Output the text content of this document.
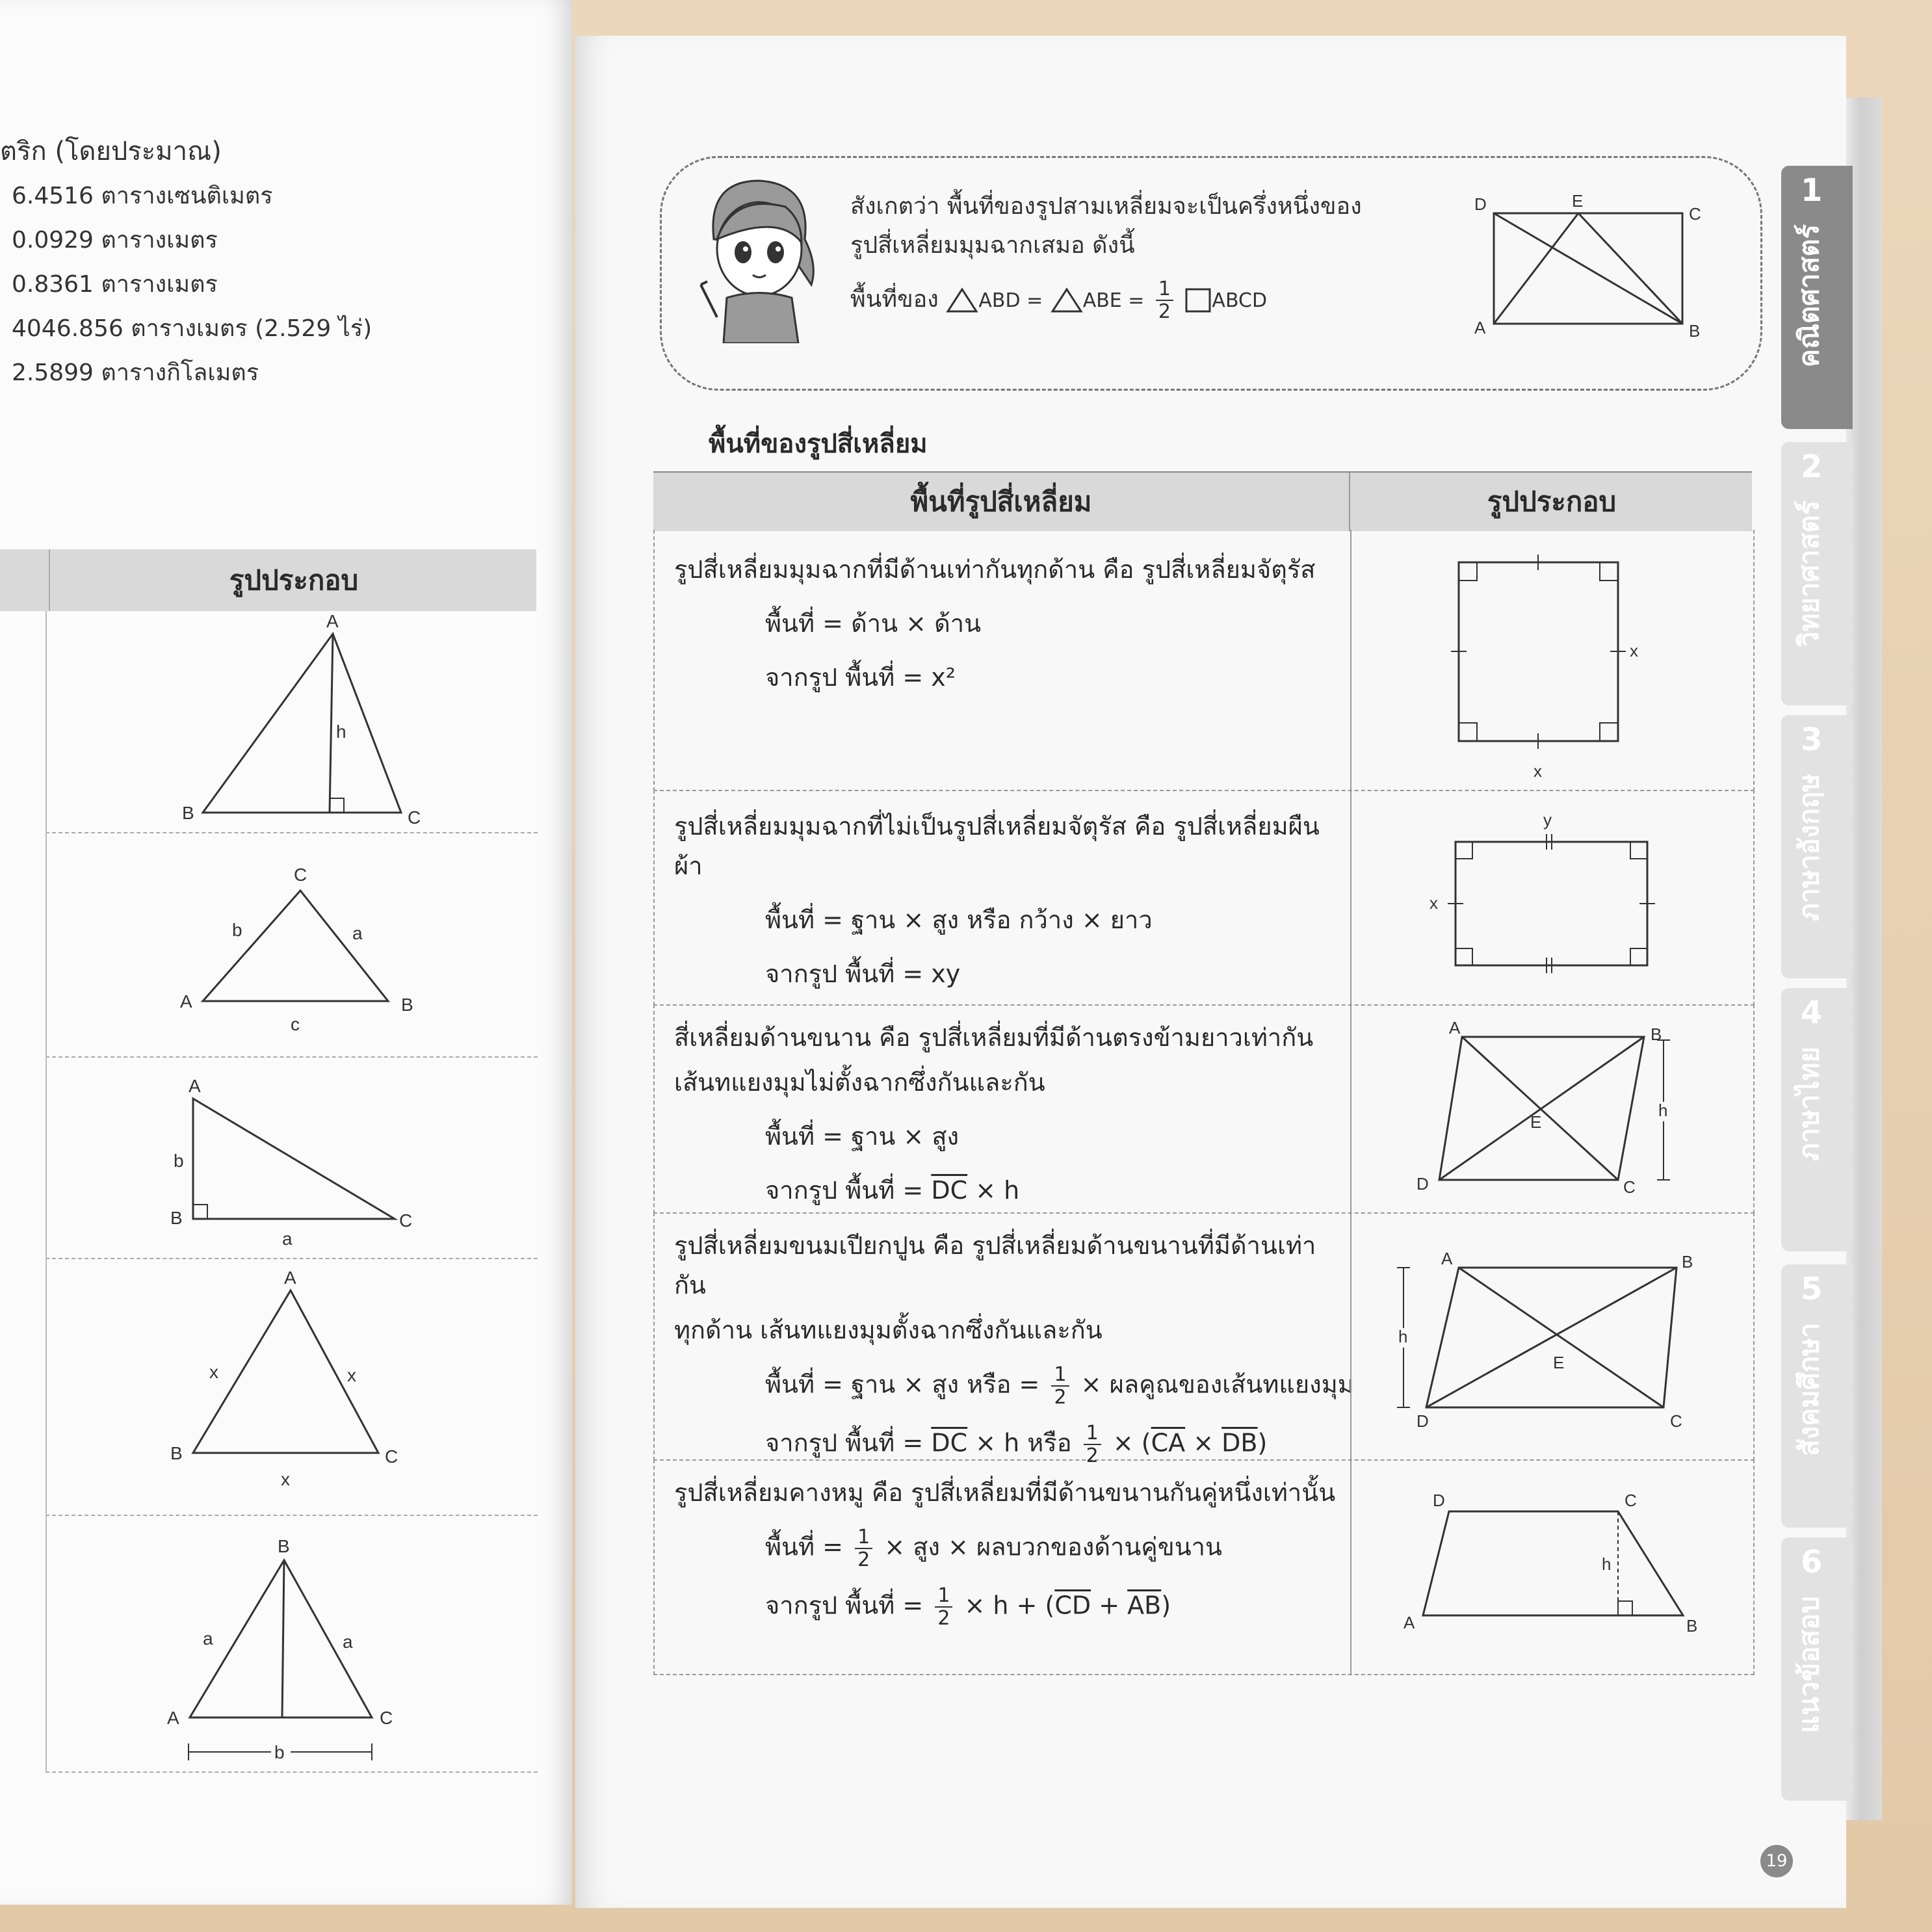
ตริก (โดยประมาณ)
6.4516 ตารางเซนติเมตร
0.0929 ตารางเมตร
0.8361 ตารางเมตร
4046.856 ตารางเมตร (2.529 ไร่)
2.5899 ตารางกิโลเมตร
รูปประกอบ
A
B	C
h
C
A	B
b	a
c
A
B	C
b
a
A
B	C
x	x
x
B
A	C
a	a
b
สังเกตว่า พื้นที่ของรูปสามเหลี่ยมจะเป็นครึ่งหนึ่งของ
รูปสี่เหลี่ยมมุมฉากเสมอ ดังนี้
พื้นที่ของ ABD = ABE = $\frac{1}{2}$ ABCD
D	E
C
A	B
พื้นที่ของรูปสี่เหลี่ยม
พื้นที่รูปสี่เหลี่ยม	รูปประกอบ
รูปสี่เหลี่ยมมุมฉากที่มีด้านเท่ากันทุกด้าน คือ รูปสี่เหลี่ยมจัตุรัส
พื้นที่ = ด้าน × ด้าน
จากรูป พื้นที่ = x²
x
x
รูปสี่เหลี่ยมมุมฉากที่ไม่เป็นรูปสี่เหลี่ยมจัตุรัส คือ รูปสี่เหลี่ยมผืนผ้า
พื้นที่ = ฐาน × สูง หรือ กว้าง × ยาว
จากรูป พื้นที่ = xy
x
y
สี่เหลี่ยมด้านขนาน คือ รูปสี่เหลี่ยมที่มีด้านตรงข้ามยาวเท่ากัน
เส้นทแยงมุมไม่ตั้งฉากซึ่งกันและกัน
พื้นที่ = ฐาน × สูง
จากรูป พื้นที่ = $\overline{DC} \times h$
A	B
D	C
E
h
รูปสี่เหลี่ยมขนมเปียกปูน คือ รูปสี่เหลี่ยมด้านขนานที่มีด้านเท่ากัน
ทุกด้าน เส้นทแยงมุมตั้งฉากซึ่งกันและกัน
พื้นที่ = ฐาน × สูง หรือ = $\frac{1}{2}$ × ผลคูณของเส้นทแยงมุม
จากรูป พื้นที่ = $\overline{DC} \times h$ หรือ $\frac{1}{2} \times (\overline{CA} \times \overline{DB})$
A	B
D	C
E
h
รูปสี่เหลี่ยมคางหมู คือ รูปสี่เหลี่ยมที่มีด้านขนานกันคู่หนึ่งเท่านั้น
พื้นที่ = $\frac{1}{2}$ × สูง × ผลบวกของด้านคู่ขนาน
จากรูป พื้นที่ = $\frac{1}{2} \times h + (\overline{CD} + \overline{AB})$
D	C
A	B
h
1
คณิตศาสตร์
2
วิทยาศาสตร์
3
ภาษาอังกฤษ
4
ภาษาไทย
5
สังคมศึกษา
6
แนวข้อสอบ
19
